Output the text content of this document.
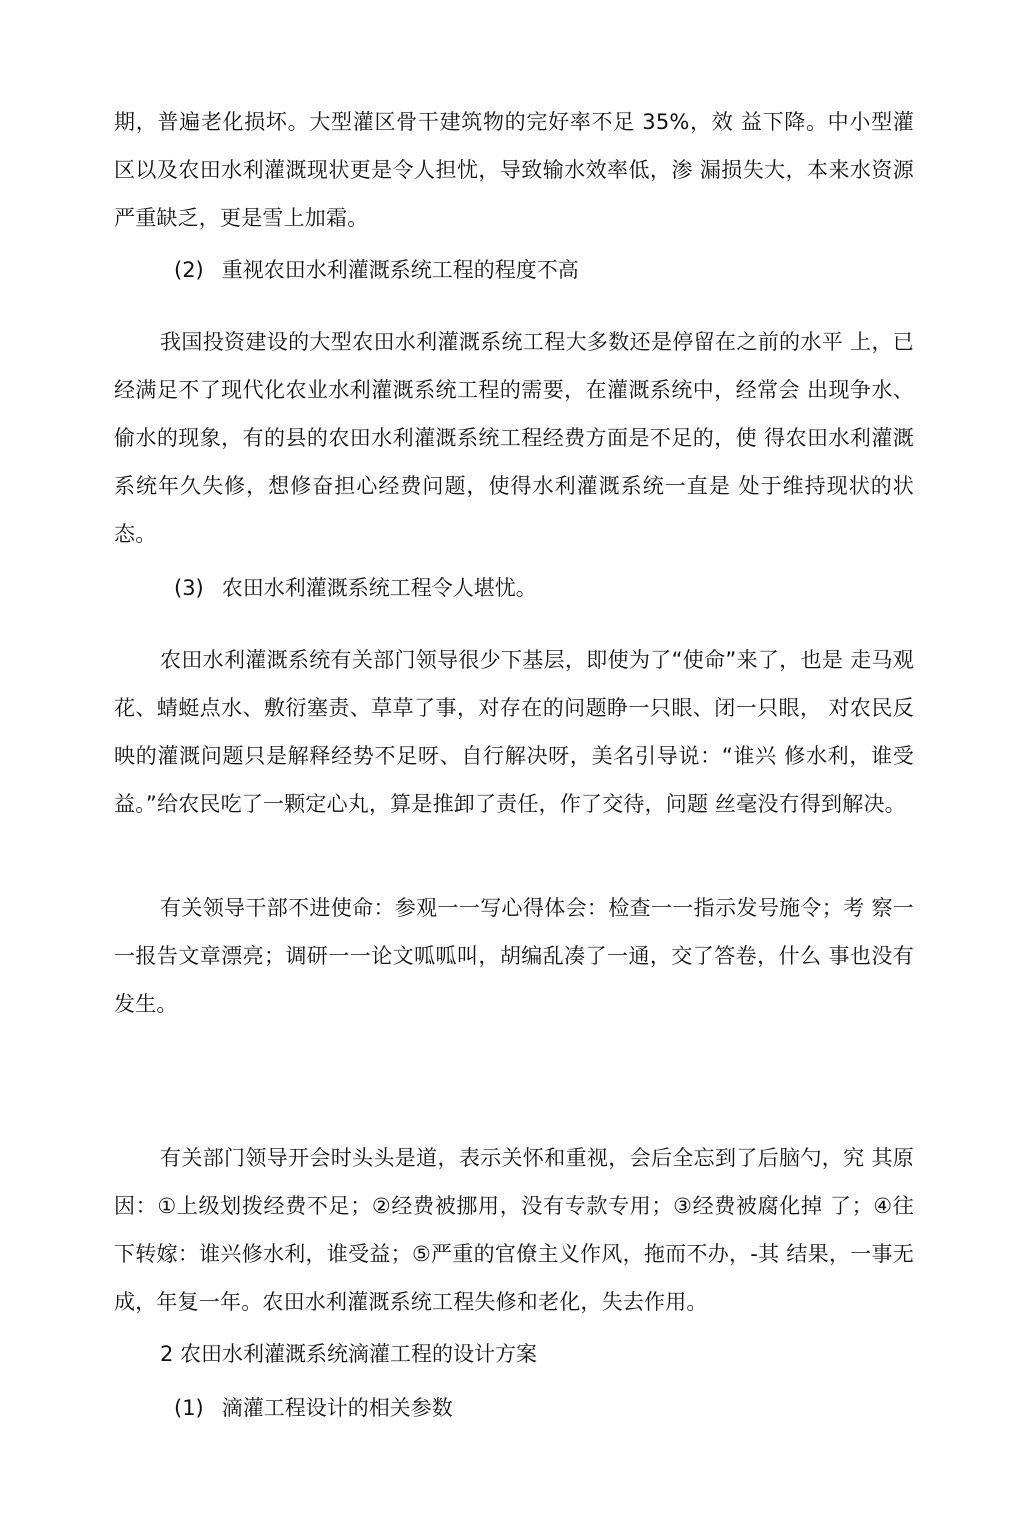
期，普遍老化损坏。大型灌区骨干建筑物的完好率不足 35%，效 益下降。中小型灌区以及农田水利灌溉现状更是令人担忧，导致输水效率低，渗 漏损失大，本来水资源严重缺乏，更是雪上加霜。

(2) 重视农田水利灌溉系统工程的程度不高

我国投资建设的大型农田水利灌溉系统工程大多数还是停留在之前的水平 上，已经满足不了现代化农业水利灌溉系统工程的需要，在灌溉系统中，经常会 出现争水、偷水的现象，有的县的农田水利灌溉系统工程经费方面是不足的，使 得农田水利灌溉系统年久失修，想修奋担心经费问题，使得水利灌溉系统一直是 处于维持现状的状态。

(3) 农田水利灌溉系统工程令人堪忧。

农田水利灌溉系统有关部门领导很少下基层，即使为了“使命”来了，也是 走马观花、蜻蜓点水、敷衍塞责、草草了事，对存在的问题睁一只眼、闭一只眼， 对农民反映的灌溉问题只是解释经势不足呀、自行解决呀，美名引导说：“谁兴 修水利，谁受益。”给农民吃了一颗定心丸，算是推卸了责任，作了交待，问题 丝毫没冇得到解决。

有关领导干部不进使命：参观一一写心得体会：检查一一指示发号施令；考 察一一报告文章漂亮；调研一一论文呱呱叫，胡编乱凑了一通，交了答卷，什么 事也没有发生。

有关部门领导开会时头头是道，表示关怀和重视，会后全忘到了后脑勺，究 其原因：①上级划拨经费不足；②经费被挪用，没有专款专用；③经费被腐化掉 了；④往下转嫁：谁兴修水利，谁受益；⑤严重的官僚主义作风，拖而不办，-其 结果，一事无成，年复一年。农田水利灌溉系统工程失修和老化，失去作用。

2 农田水利灌溉系统滴灌工程的设计方案
(1) 滴灌工程设计的相关参数
